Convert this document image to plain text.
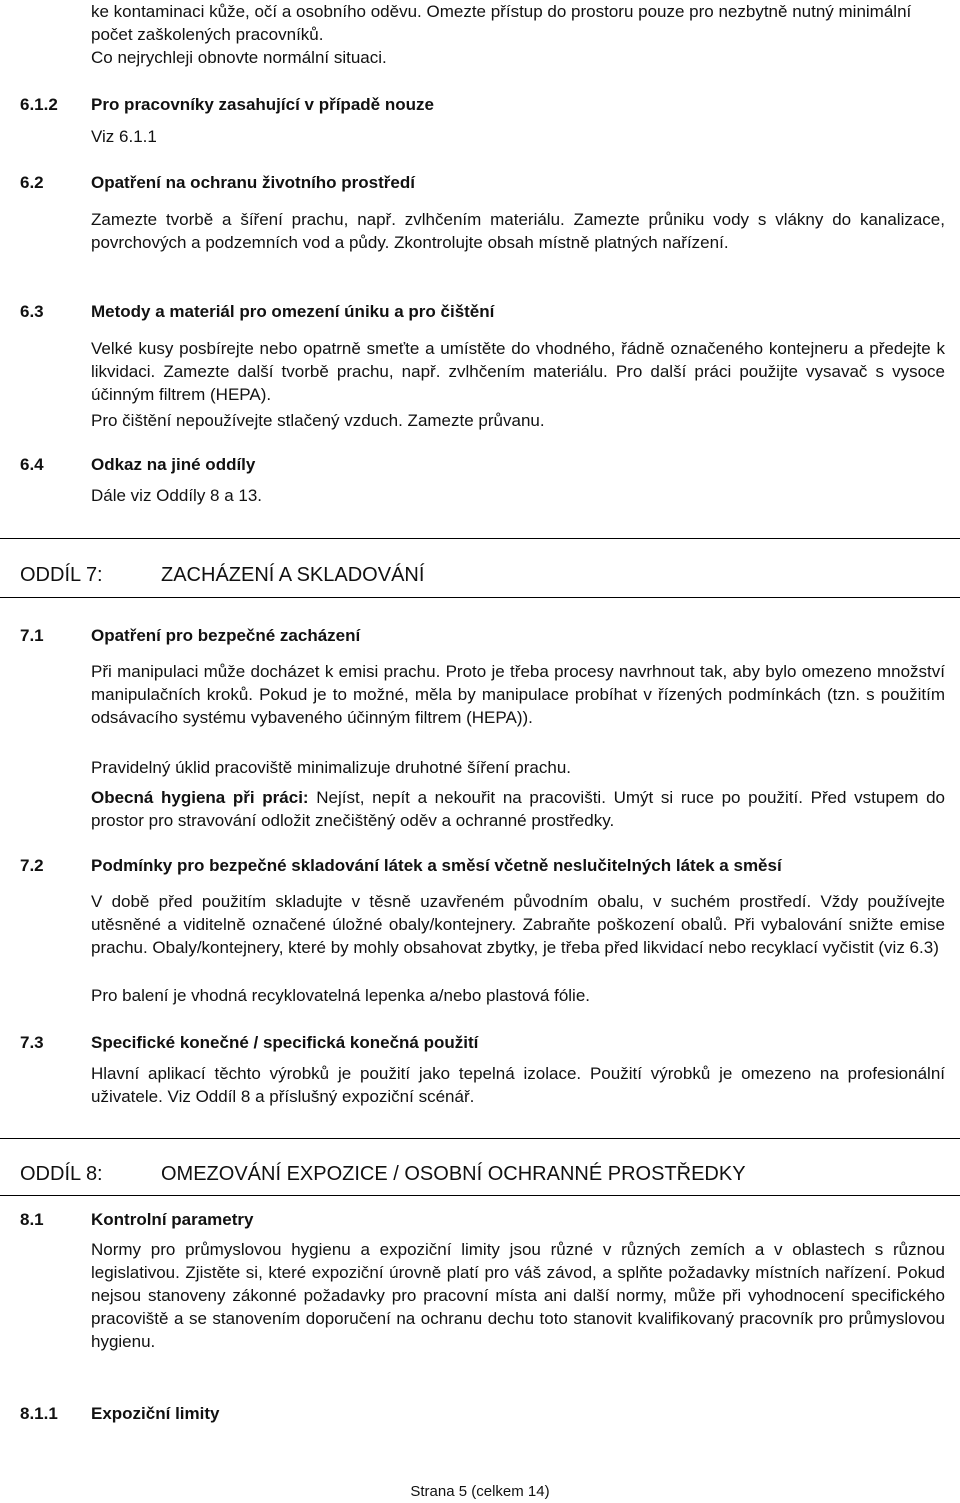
ke kontaminaci kůže, očí a osobního oděvu. Omezte přístup do prostoru pouze pro nezbytně nutný minimální počet zaškolených pracovníků.

Co nejrychleji obnovte normální situaci.

6.1.2 Pro pracovníky zasahující v případě nouze
Viz 6.1.1
6.2	Opatření na ochranu životního prostředí
Zamezte tvorbě a šíření prachu, např. zvlhčením materiálu. Zamezte průniku vody s vlákny do kanalizace, povrchových a podzemních vod a půdy. Zkontrolujte obsah místně platných nařízení.
6.3	Metody a materiál pro omezení úniku a pro čištění
Velké kusy posbírejte nebo opatrně smeťte a umístěte do vhodného, řádně označeného kontejneru a předejte k likvidaci. Zamezte další tvorbě prachu, např. zvlhčením materiálu. Pro další práci použijte vysavač s vysoce účinným filtrem (HEPA).
Pro čištění nepoužívejte stlačený vzduch. Zamezte průvanu.
6.4	Odkaz na jiné oddíly
Dále viz Oddíly 8 a 13.
ODDÍL 7:	ZACHÁZENÍ A SKLADOVÁNÍ
7.1	Opatření pro bezpečné zacházení
Při manipulaci může docházet k emisi prachu. Proto je třeba procesy navrhnout tak, aby bylo omezeno množství manipulačních kroků. Pokud je to možné, měla by manipulace probíhat v řízených podmínkách (tzn. s použitím odsávacího systému vybaveného účinným filtrem (HEPA)).
Pravidelný úklid pracoviště minimalizuje druhotné šíření prachu.
Obecná hygiena při práci: Nejíst, nepít a nekouřit na pracovišti. Umýt si ruce po použití. Před vstupem do prostor pro stravování odložit znečištěný oděv a ochranné prostředky.
7.2	Podmínky pro bezpečné skladování látek a směsí včetně neslučitelných látek a směsí
V době před použitím skladujte v těsně uzavřeném původním obalu, v suchém prostředí. Vždy používejte utěsněné a viditelně označené úložné obaly/kontejnery. Zabraňte poškození obalů. Při vybalování snižte emise prachu. Obaly/kontejnery, které by mohly obsahovat zbytky, je třeba před likvidací nebo recyklací vyčistit (viz 6.3)
Pro balení je vhodná recyklovatelná lepenka a/nebo plastová fólie.
7.3	Specifické konečné / specifická konečná použití
Hlavní aplikací těchto výrobků je použití jako tepelná izolace. Použití výrobků je omezeno na profesionální uživatele. Viz Oddíl 8 a příslušný expoziční scénář.
ODDÍL 8:	OMEZOVÁNÍ EXPOZICE / OSOBNÍ OCHRANNÉ PROSTŘEDKY
8.1	Kontrolní parametry
Normy pro průmyslovou hygienu a expoziční limity jsou různé v různých zemích a v oblastech s různou legislativou. Zjistěte si, které expoziční úrovně platí pro váš závod, a splňte požadavky místních nařízení. Pokud nejsou stanoveny zákonné požadavky pro pracovní místa ani další normy, může při vyhodnocení specifického pracoviště a se stanovením doporučení na ochranu dechu toto stanovit kvalifikovaný pracovník pro průmyslovou hygienu.
8.1.1 Expoziční limity
Strana 5 (celkem 14)
